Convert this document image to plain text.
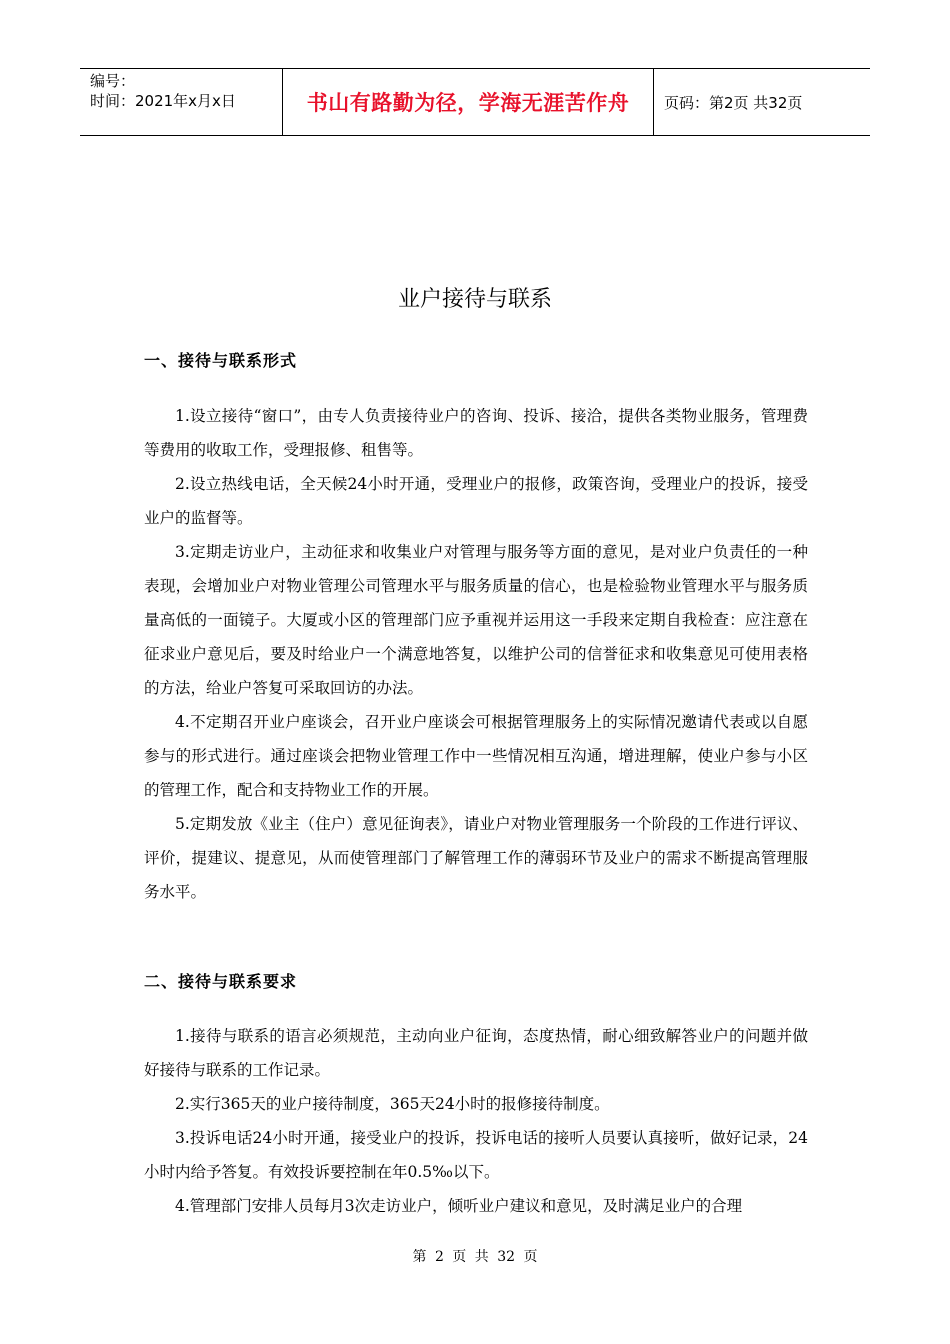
编号：
时间：2021年x月x日	书山有路勤为径，学海无涯苦作舟	页码：第2页 共32页
业户接待与联系
一、接待与联系形式

1.设立接待“窗口”，由专人负责接待业户的咨询、投诉、接洽，提供各类物业服务，管理费等费用的收取工作，受理报修、租售等。

2.设立热线电话，全天候24小时开通，受理业户的报修，政策咨询，受理业户的投诉，接受业户的监督等。

3.定期走访业户，主动征求和收集业户对管理与服务等方面的意见，是对业户负责任的一种表现，会增加业户对物业管理公司管理水平与服务质量的信心，也是检验物业管理水平与服务质量高低的一面镜子。大厦或小区的管理部门应予重视并运用这一手段来定期自我检查：应注意在征求业户意见后，要及时给业户一个满意地答复，以维护公司的信誉征求和收集意见可使用表格的方法，给业户答复可采取回访的办法。

4.不定期召开业户座谈会，召开业户座谈会可根据管理服务上的实际情况邀请代表或以自愿参与的形式进行。通过座谈会把物业管理工作中一些情况相互沟通，增进理解，使业户参与小区的管理工作，配合和支持物业工作的开展。

5.定期发放《业主（住户）意见征询表》，请业户对物业管理服务一个阶段的工作进行评议、评价，提建议、提意见，从而使管理部门了解管理工作的薄弱环节及业户的需求不断提高管理服务水平。

二、接待与联系要求

1.接待与联系的语言必须规范，主动向业户征询，态度热情，耐心细致解答业户的问题并做好接待与联系的工作记录。

2.实行365天的业户接待制度，365天24小时的报修接待制度。

3.投诉电话24小时开通，接受业户的投诉，投诉电话的接听人员要认真接听，做好记录，24小时内给予答复。有效投诉要控制在年0.5‰以下。

4.管理部门安排人员每月3次走访业户，倾听业户建议和意见，及时满足业户的合理

第 2 页 共 32 页
